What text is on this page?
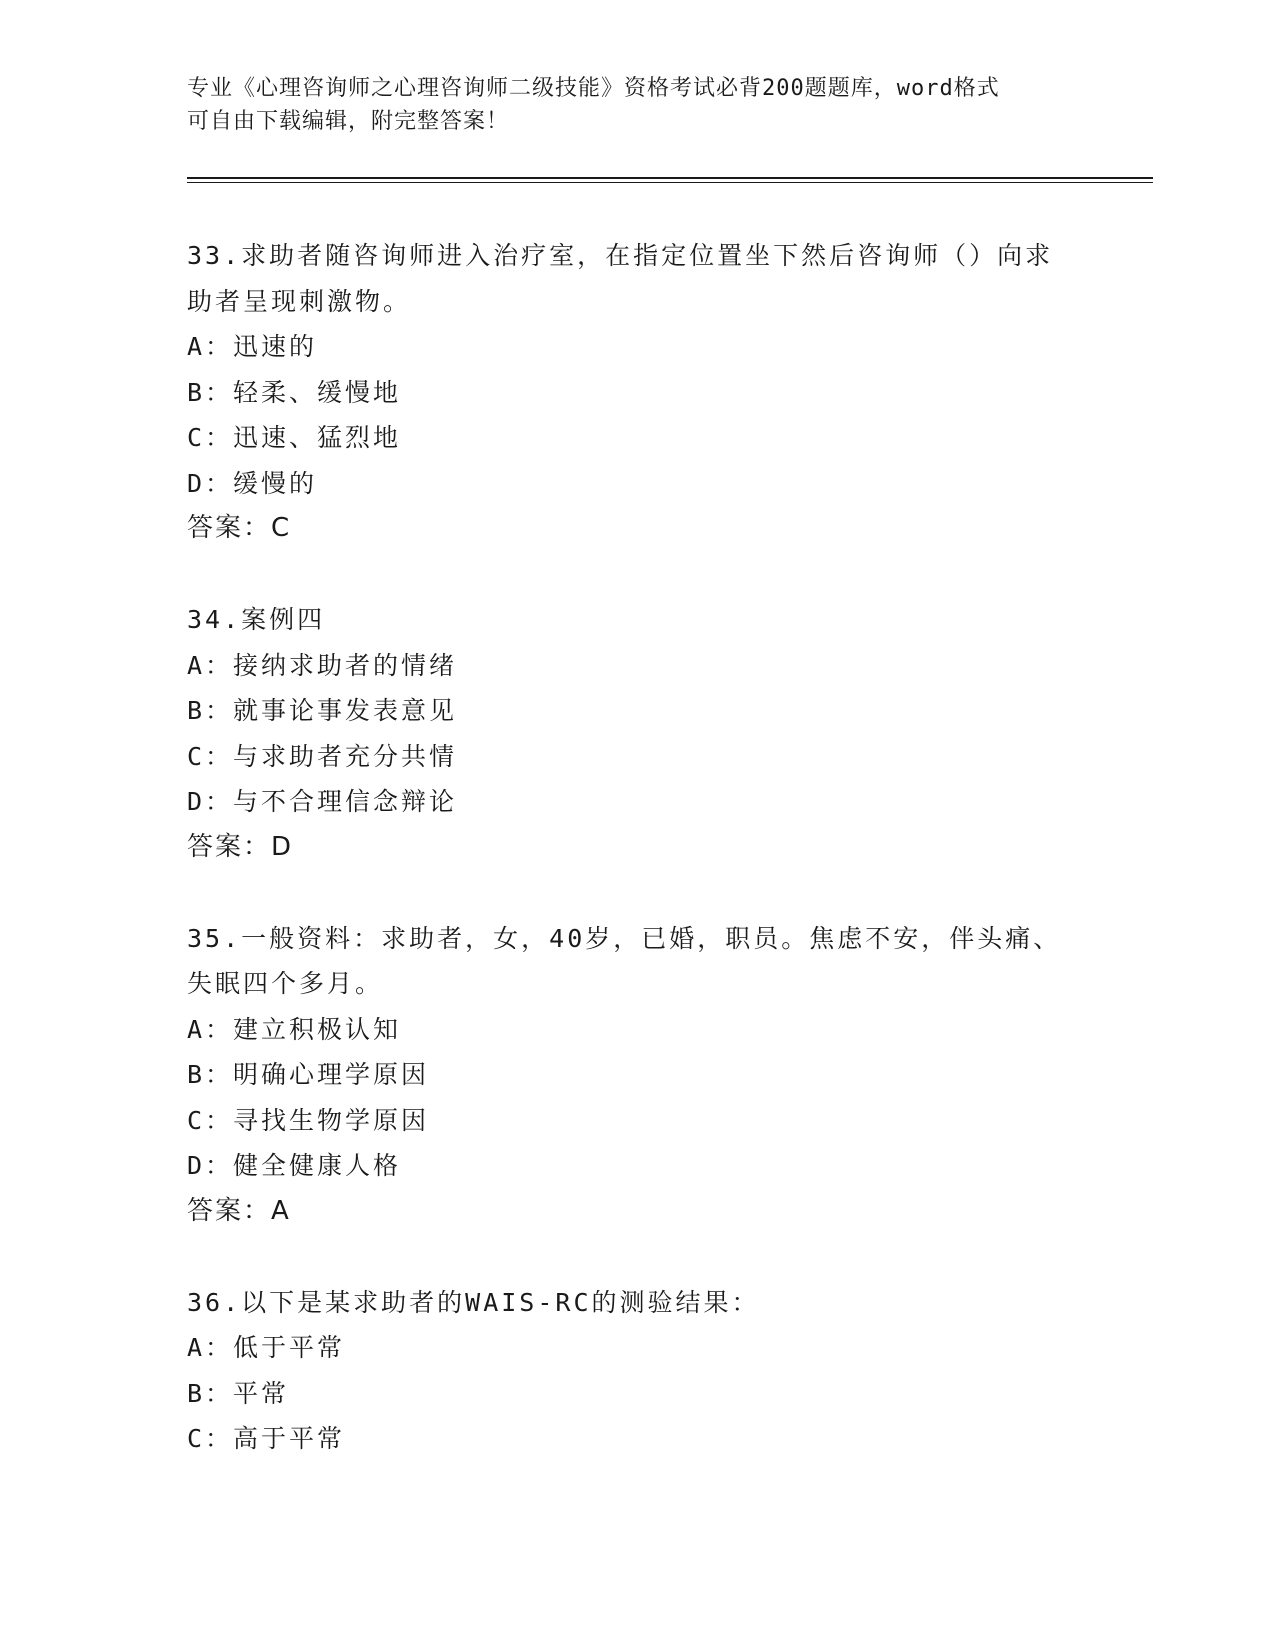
专业《心理咨询师之心理咨询师二级技能》资格考试必背200题题库，word格式
可自由下载编辑，附完整答案！
33.求助者随咨询师进入治疗室，在指定位置坐下然后咨询师（）向求
助者呈现刺激物。
A：迅速的
B：轻柔、缓慢地
C：迅速、猛烈地
D：缓慢的
答案：C
34.案例四
A：接纳求助者的情绪
B：就事论事发表意见
C：与求助者充分共情
D：与不合理信念辩论
答案：D
35.一般资料：求助者，女，40岁，已婚，职员。焦虑不安，伴头痛、
失眠四个多月。
A：建立积极认知
B：明确心理学原因
C：寻找生物学原因
D：健全健康人格
答案：A
36.以下是某求助者的WAIS-RC的测验结果：
A：低于平常
B：平常
C：高于平常
